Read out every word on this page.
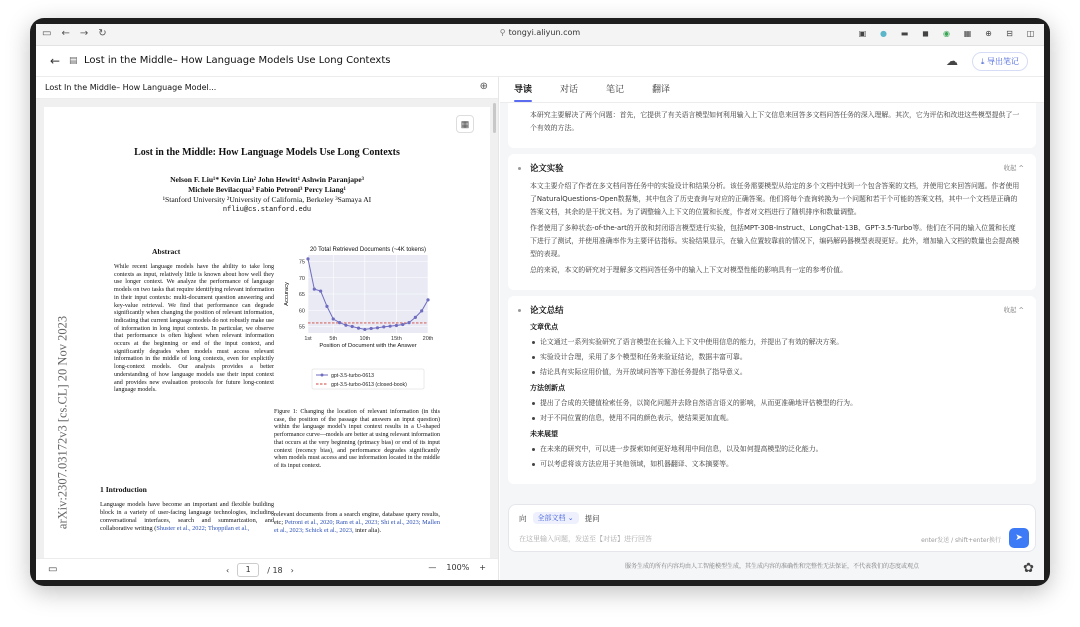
▭ ← → ↻	⚲ tongyi.aliyun.com	▣ ● ▬ ◼ ◉ ▦ ⊕ ⊟ ◫
← ▤ Lost in the Middle– How Language Models Use Long Contexts	☁	⤓ 导出笔记
Lost In the Middle– How Language Model...	⊕
▦
Lost in the Middle: How Language Models Use Long Contexts
Nelson F. Liu¹* Kevin Lin² John Hewitt¹ Ashwin Paranjape³
Michele Bevilacqua³ Fabio Petroni³ Percy Liang¹
¹Stanford University ²University of California, Berkeley ³Samaya AI
nfliu@cs.stanford.edu
arXiv:2307.03172v3 [cs.CL] 20 Nov 2023
Abstract
While recent language models have the ability to take long contexts as input, relatively little is known about how well they use longer context. We analyze the performance of language models on two tasks that require identifying relevant information in their input contexts: multi-document question answering and key-value retrieval. We find that performance can degrade significantly when changing the position of relevant information, indicating that current language models do not robustly make use of information in long input contexts. In particular, we observe that performance is often highest when relevant information occurs at the beginning or end of the input context, and significantly degrades when models must access relevant information in the middle of long contexts, even for explicitly long-context models. Our analysis provides a better understanding of how language models use their input context and provides new evaluation protocols for future long-context language models.
1 Introduction
Language models have become an important and flexible building block in a variety of user-facing language technologies, including conversational interfaces, search and summarization, and collaborative writing (Shuster et al., 2022; Thoppilan et al.,
20 Total Retrieved Documents (~4K tokens)
55
60
65
70
75
1st	5th	10th	15th	20th
Position of Document with the Answer
Accuracy
gpt-3.5-turbo-0613
gpt-3.5-turbo-0613 (closed-book)
Figure 1: Changing the location of relevant information (in this case, the position of the passage that answers an input question) within the language model's input context results in a U-shaped performance curve—models are better at using relevant information that occurs at the very beginning (primacy bias) or end of its input context (recency bias), and performance degrades significantly when models must access and use information located in the middle of its input context.
relevant documents from a search engine, database query results, etc; Petroni et al., 2020; Ram et al., 2023; Shi et al., 2023; Mallen et al., 2023; Schick et al., 2023, inter alia).
▭	‹	1	/ 18 ›	— 100% +
导读	对话	笔记	翻译

本研究主要解决了两个问题：首先，它提供了有关语言模型如何利用输入上下文信息来回答多文档问答任务的深入理解。其次，它为评估和改进这些模型提供了一个有效的方法。

论文实验	收起 ^

本文主要介绍了作者在多文档问答任务中的实验设计和结果分析。该任务需要模型从给定的多个文档中找到一个包含答案的文档，并使用它来回答问题。作者使用了NaturalQuestions-Open数据集，其中包含了历史查询与对应的正确答案。他们将每个查询转换为一个问题和若干个可能的答案文档，其中一个文档是正确的答案文档，其余的是干扰文档。为了调整输入上下文的位置和长度，作者对文档进行了随机排序和数量调整。

作者使用了多种状态-of-the-art的开放和封闭语言模型进行实验，包括MPT-30B-Instruct、LongChat-13B、GPT-3.5-Turbo等。他们在不同的输入位置和长度下进行了测试，并使用准确率作为主要评估指标。实验结果显示，在输入位置较靠前的情况下，编码解码器模型表现更好。此外，增加输入文档的数量也会提高模型的表现。

总的来说，本文的研究对于理解多文档问答任务中的输入上下文对模型性能的影响具有一定的参考价值。

论文总结	收起 ^
文章优点
论文通过一系列实验研究了语言模型在长输入上下文中使用信息的能力，并提出了有效的解决方案。
实验设计合理，采用了多个模型和任务来验证结论，数据丰富可靠。
结论具有实际应用价值，为开放域问答等下游任务提供了指导意义。
方法创新点
提出了合成的关键值检索任务，以简化问题并去除自然语言语义的影响，从而更准确地评估模型的行为。
对于不同位置的信息，使用不同的颜色表示，使结果更加直观。
未来展望
在未来的研究中，可以进一步探索如何更好地利用中间信息，以及如何提高模型的泛化能力。
可以考虑将该方法应用于其他领域，如机器翻译、文本摘要等。
向	全部文档 ⌄	提问
在这里输入问题，发送至【对话】进行回答	enter发送 / shift+enter换行	➤
服务生成的所有内容均由人工智能模型生成，其生成内容的准确性和完整性无法保证，不代表我们的态度或观点	✿
